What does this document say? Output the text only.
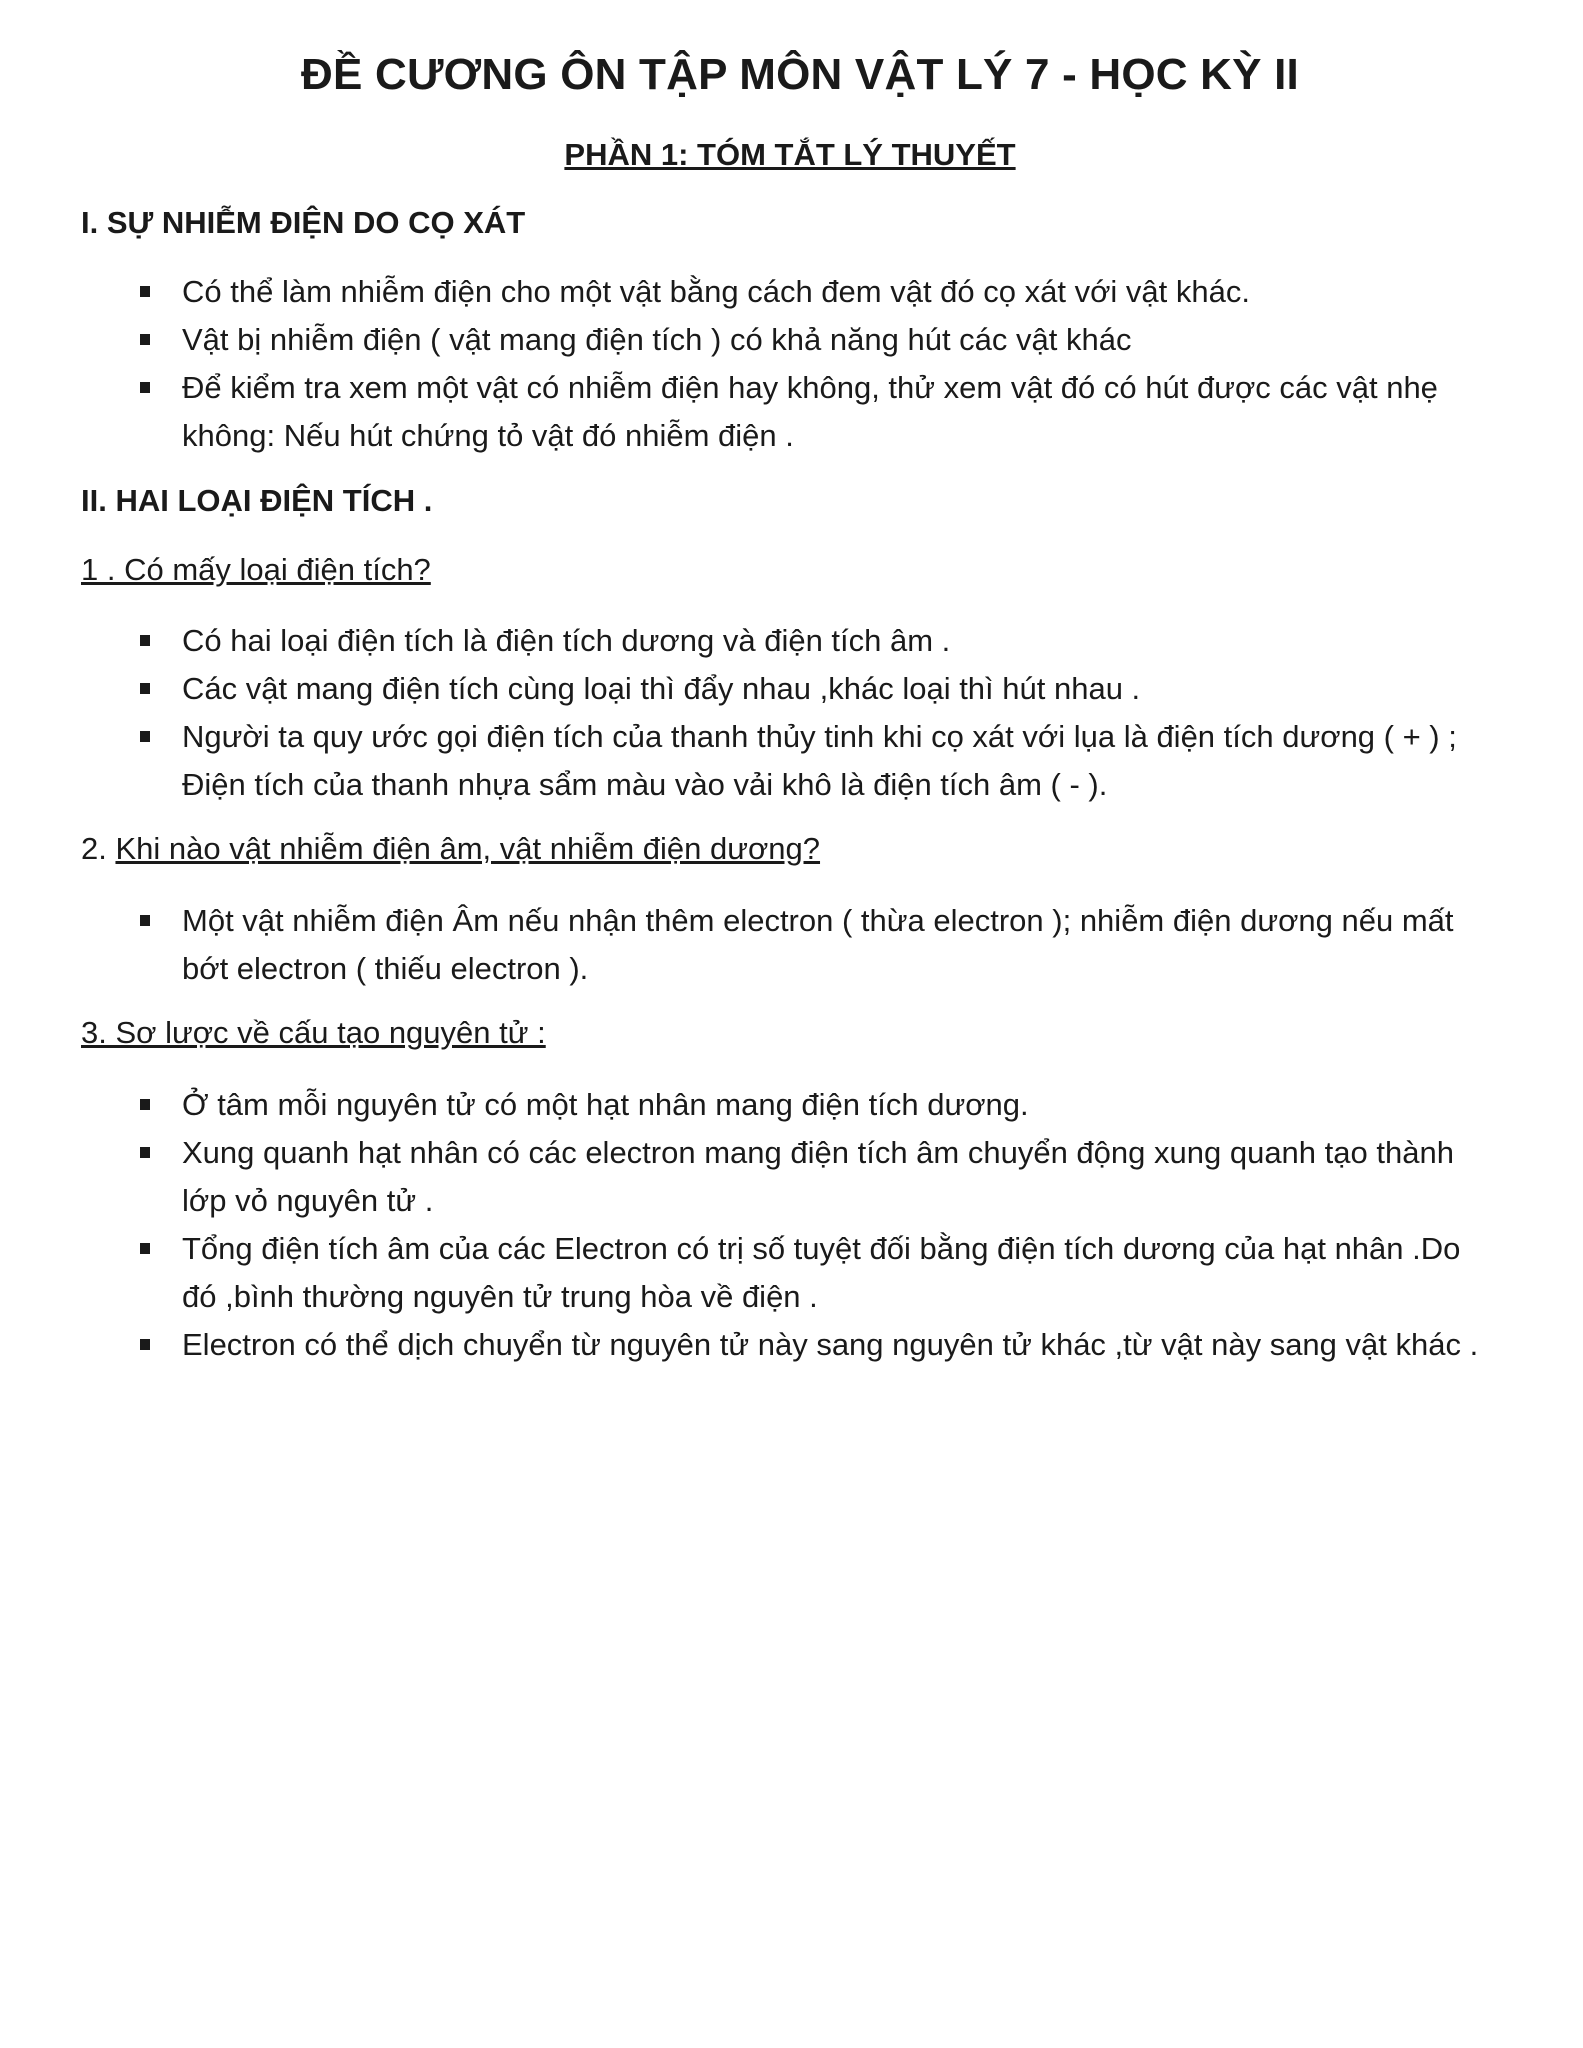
ĐỀ CƯƠNG ÔN TẬP MÔN VẬT LÝ 7 - HỌC KỲ II
PHẦN 1: TÓM TẮT LÝ THUYẾT
I. SỰ NHIỄM ĐIỆN DO CỌ XÁT
Có thể làm nhiễm điện cho một vật bằng cách đem vật đó cọ xát với vật khác.
Vật bị nhiễm điện ( vật mang điện tích ) có khả năng hút các vật khác
Để kiểm tra xem một vật có nhiễm điện hay không, thử xem vật đó có hút được các vật nhẹ không: Nếu hút chứng tỏ vật đó nhiễm điện .
II. HAI LOẠI ĐIỆN TÍCH .

1 . Có mấy loại điện tích?

Có hai loại điện tích là điện tích dương và điện tích âm .
Các vật mang điện tích cùng loại thì đẩy nhau ,khác loại thì hút nhau .
Người ta quy ước gọi điện tích của thanh thủy tinh khi cọ xát với lụa là điện tích dương ( + ) ; Điện tích của thanh nhựa sẩm màu vào vải khô là điện tích âm ( - ).

2. Khi nào vật nhiễm điện âm, vật nhiễm điện dương?

Một vật nhiễm điện Âm nếu nhận thêm electron ( thừa electron ); nhiễm điện dương nếu mất bớt electron ( thiếu electron ).

3. Sơ lược về cấu tạo nguyên tử :

Ở tâm mỗi nguyên tử có một hạt nhân mang điện tích dương.
Xung quanh hạt nhân có các electron mang điện tích âm chuyển động xung quanh tạo thành lớp vỏ nguyên tử .
Tổng điện tích âm của các Electron có trị số tuyệt đối bằng điện tích dương của hạt nhân .Do đó ,bình thường nguyên tử trung hòa về điện .
Electron có thể dịch chuyển từ nguyên tử này sang nguyên tử khác ,từ vật này sang vật khác .
